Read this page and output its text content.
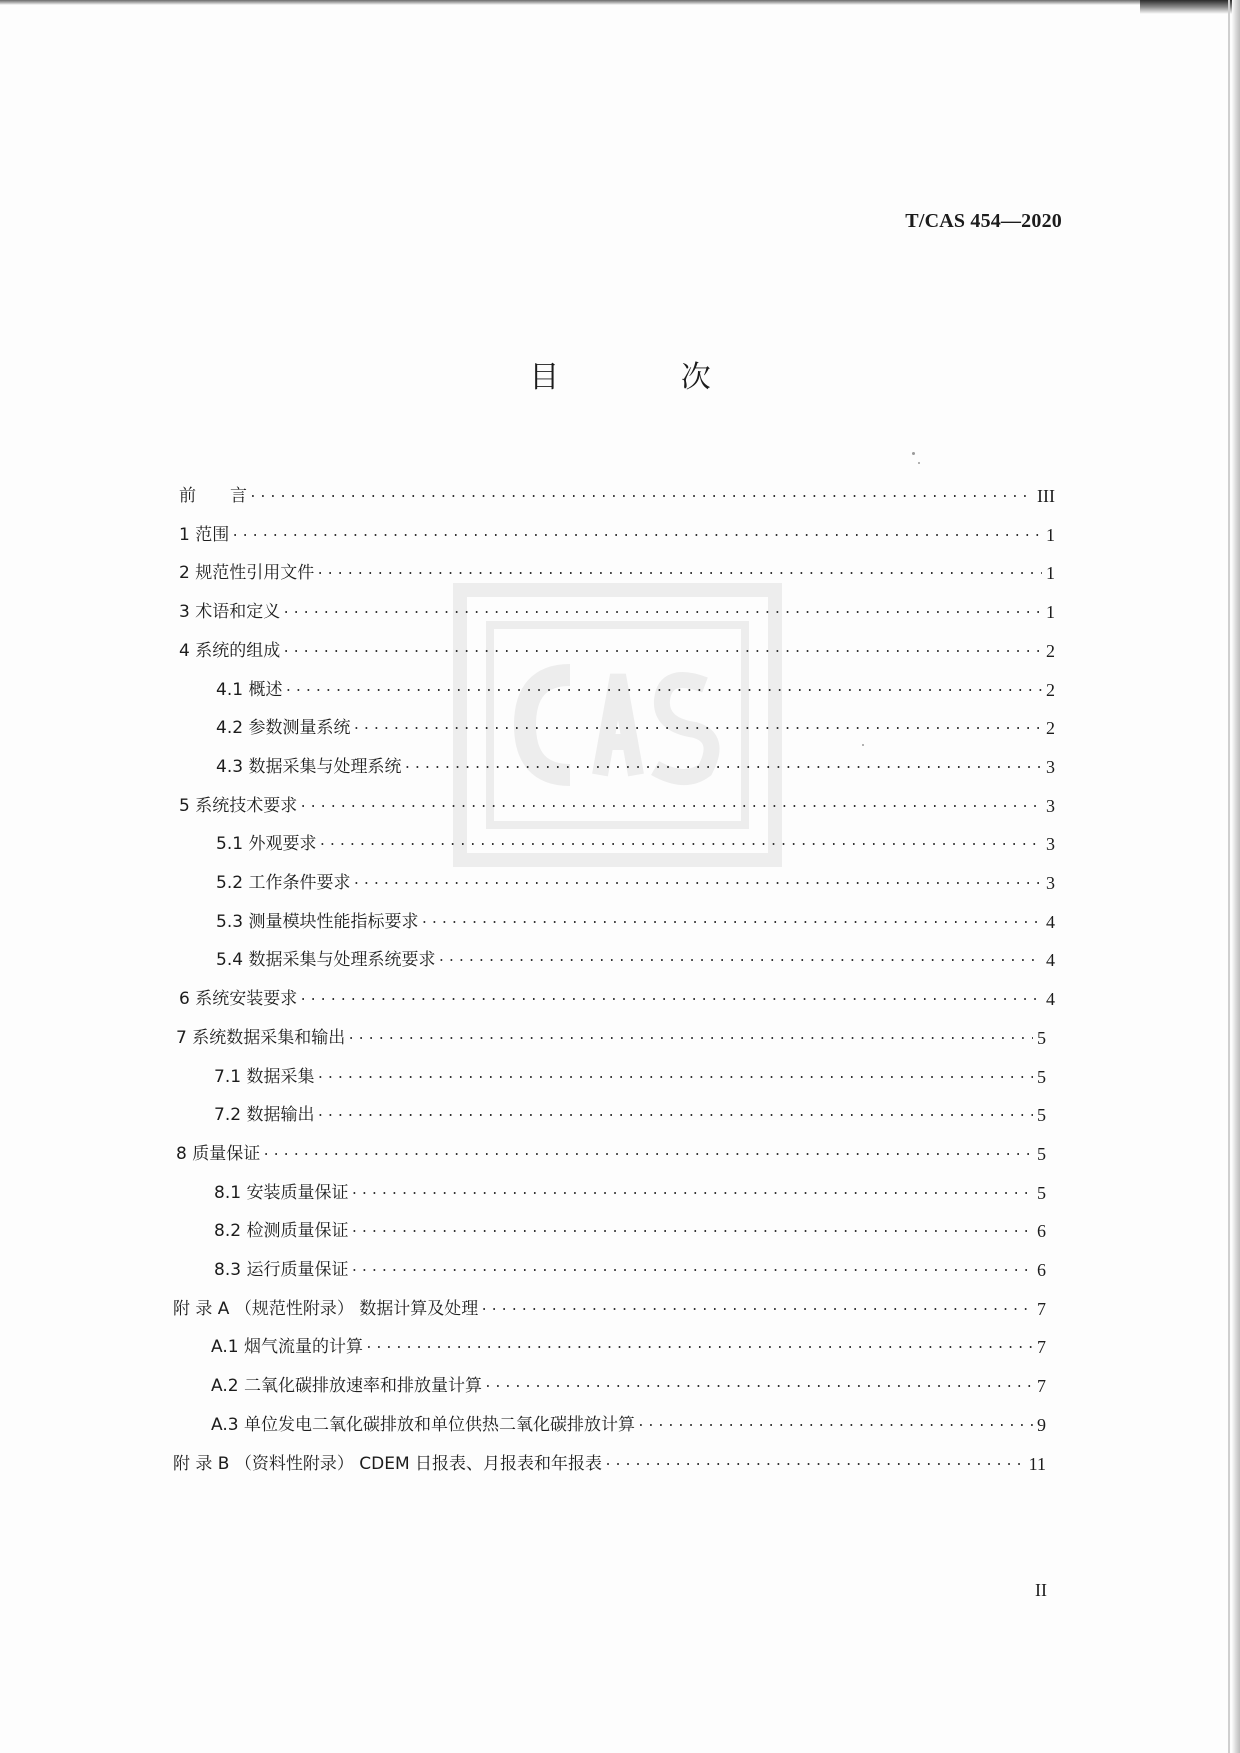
T/CAS 454—2020
目 次
前　　言 .....	III
1 范围 .....	1
2 规范性引用文件 .....	1
3 术语和定义 .....	1
4 系统的组成 .....	2
4.1 概述 .....	2
4.2 参数测量系统 .....	2
4.3 数据采集与处理系统 .....	3
5 系统技术要求 .....	3
5.1 外观要求 .....	3
5.2 工作条件要求 .....	3
5.3 测量模块性能指标要求 .....	4
5.4 数据采集与处理系统要求 .....	4
6 系统安装要求 .....	4
7 系统数据采集和输出 .....	5
7.1 数据采集 .....	5
7.2 数据输出 .....	5
8 质量保证 .....	5
8.1 安装质量保证 .....	5
8.2 检测质量保证 .....	6
8.3 运行质量保证 .....	6
附 录 A （规范性附录） 数据计算及处理 .....	7
A.1 烟气流量的计算 .....	7
A.2 二氧化碳排放速率和排放量计算 .....	7
A.3 单位发电二氧化碳排放和单位供热二氧化碳排放计算 .....	9
附 录 B （资料性附录） CDEM 日报表、月报表和年报表 .....	11
II
